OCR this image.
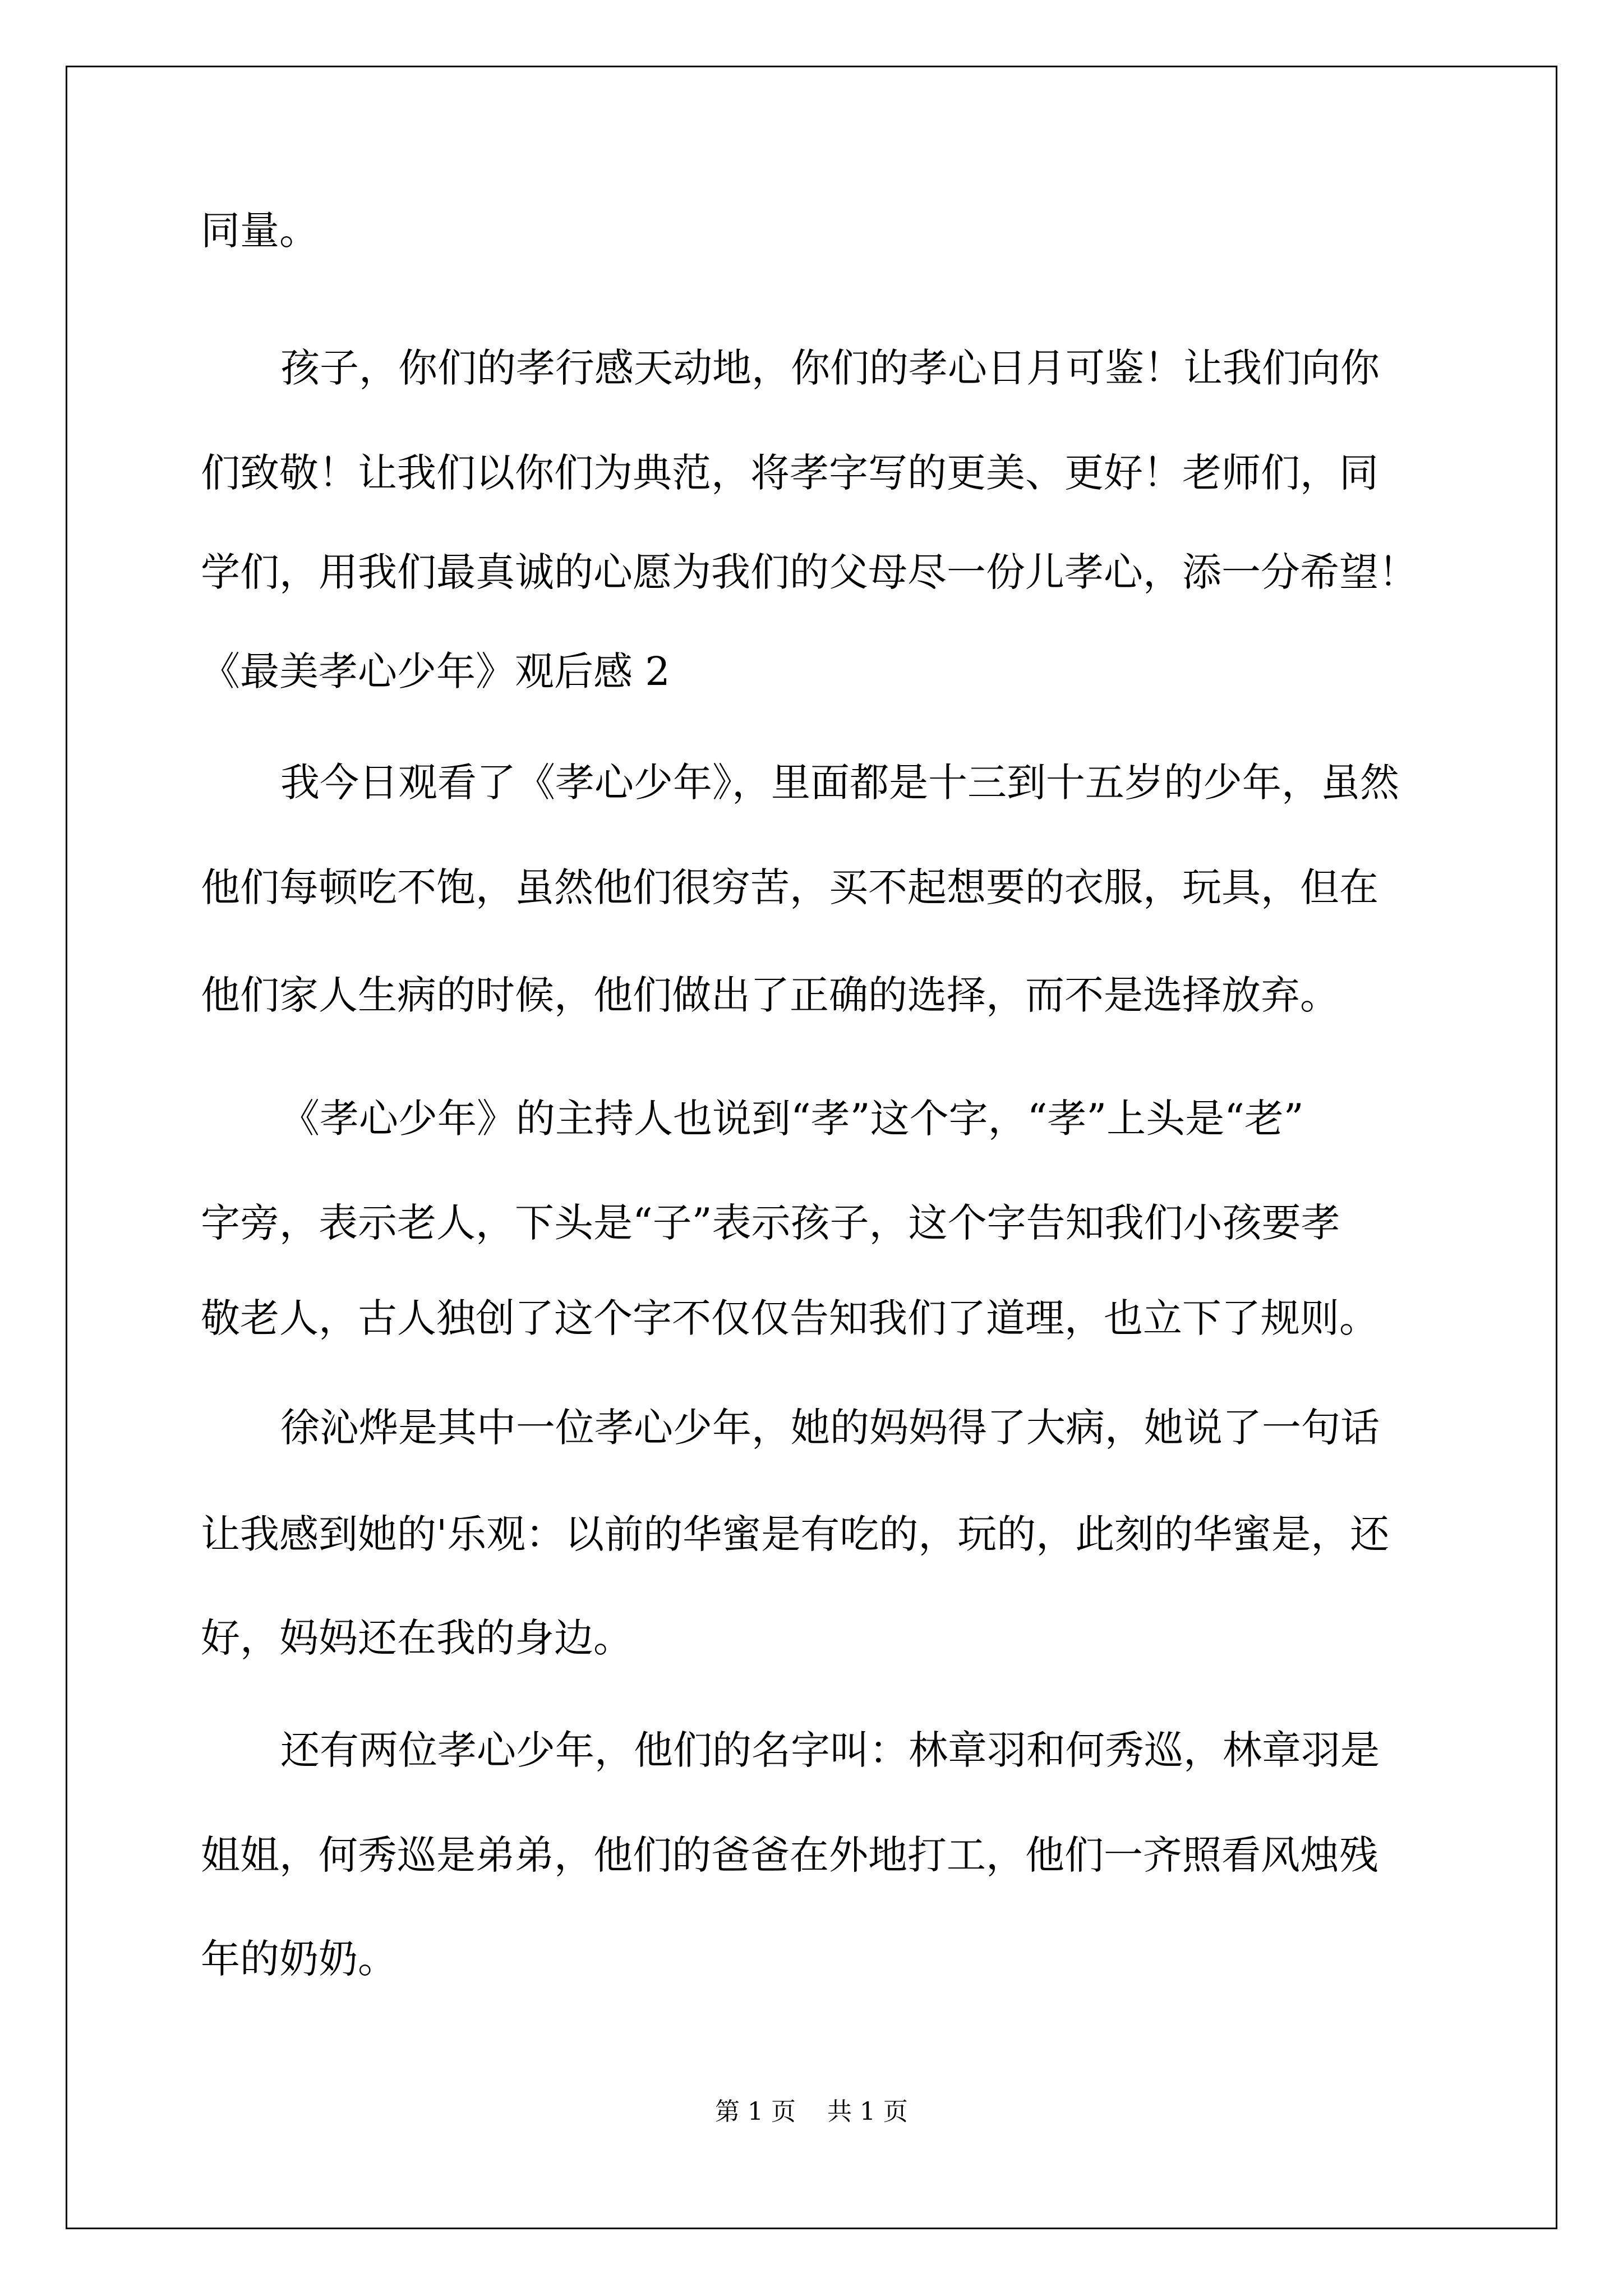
同量。
孩子，你们的孝行感天动地，你们的孝心日月可鉴！让我们向你
们致敬！让我们以你们为典范，将孝字写的更美、更好！老师们，同
学们，用我们最真诚的心愿为我们的父母尽一份儿孝心，添一分希望！
《最美孝心少年》观后感 2
我今日观看了《孝心少年》，里面都是十三到十五岁的少年，虽然
他们每顿吃不饱，虽然他们很穷苦，买不起想要的衣服，玩具，但在
他们家人生病的时候，他们做出了正确的选择，而不是选择放弃。
《孝心少年》的主持人也说到“孝”这个字，“孝”上头是“老”
字旁，表示老人，下头是“子”表示孩子，这个字告知我们小孩要孝
敬老人，古人独创了这个字不仅仅告知我们了道理，也立下了规则。
徐沁烨是其中一位孝心少年，她的妈妈得了大病，她说了一句话
让我感到她的'乐观：以前的华蜜是有吃的，玩的，此刻的华蜜是，还
好，妈妈还在我的身边。
还有两位孝心少年，他们的名字叫：林章羽和何秀巡，林章羽是
姐姐，何秀巡是弟弟，他们的爸爸在外地打工，他们一齐照看风烛残
年的奶奶。
第 1 页 共 1 页
